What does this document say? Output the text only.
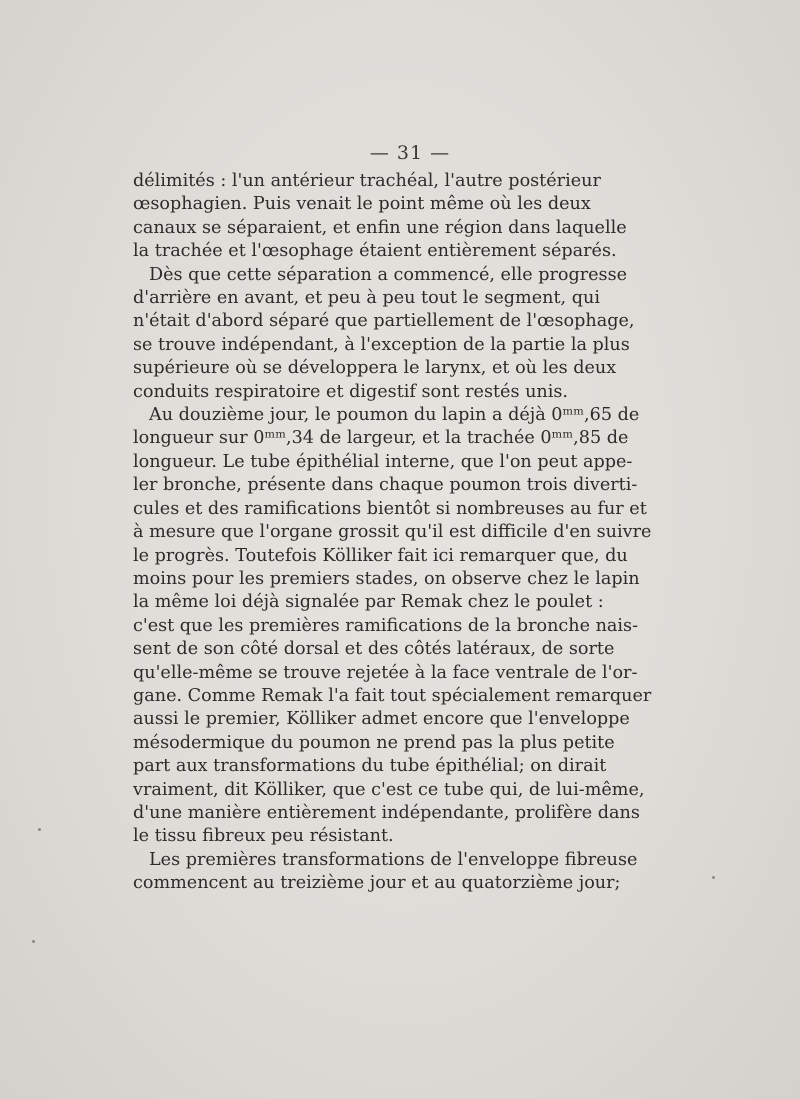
— 31 —

délimités : l'un antérieur trachéal, l'autre postérieur
œsophagien. Puis venait le point même où les deux
canaux se séparaient, et enfin une région dans laquelle
la trachée et l'œsophage étaient entièrement séparés.

Dès que cette séparation a commencé, elle progresse
d'arrière en avant, et peu à peu tout le segment, qui
n'était d'abord séparé que partiellement de l'œsophage,
se trouve indépendant, à l'exception de la partie la plus
supérieure où se développera le larynx, et où les deux
conduits respiratoire et digestif sont restés unis.

Au douzième jour, le poumon du lapin a déjà 0ᵐᵐ,65 de
longueur sur 0ᵐᵐ,34 de largeur, et la trachée 0ᵐᵐ,85 de
longueur. Le tube épithélial interne, que l'on peut appe-
ler bronche, présente dans chaque poumon trois diverti-
cules et des ramifications bientôt si nombreuses au fur et
à mesure que l'organe grossit qu'il est difficile d'en suivre
le progrès. Toutefois Kölliker fait ici remarquer que, du
moins pour les premiers stades, on observe chez le lapin
la même loi déjà signalée par Remak chez le poulet :
c'est que les premières ramifications de la bronche nais-
sent de son côté dorsal et des côtés latéraux, de sorte
qu'elle-même se trouve rejetée à la face ventrale de l'or-
gane. Comme Remak l'a fait tout spécialement remarquer
aussi le premier, Kölliker admet encore que l'enveloppe
mésodermique du poumon ne prend pas la plus petite
part aux transformations du tube épithélial; on dirait
vraiment, dit Kölliker, que c'est ce tube qui, de lui-même,
d'une manière entièrement indépendante, prolifère dans
le tissu fibreux peu résistant.

Les premières transformations de l'enveloppe fibreuse
commencent au treizième jour et au quatorzième jour;
